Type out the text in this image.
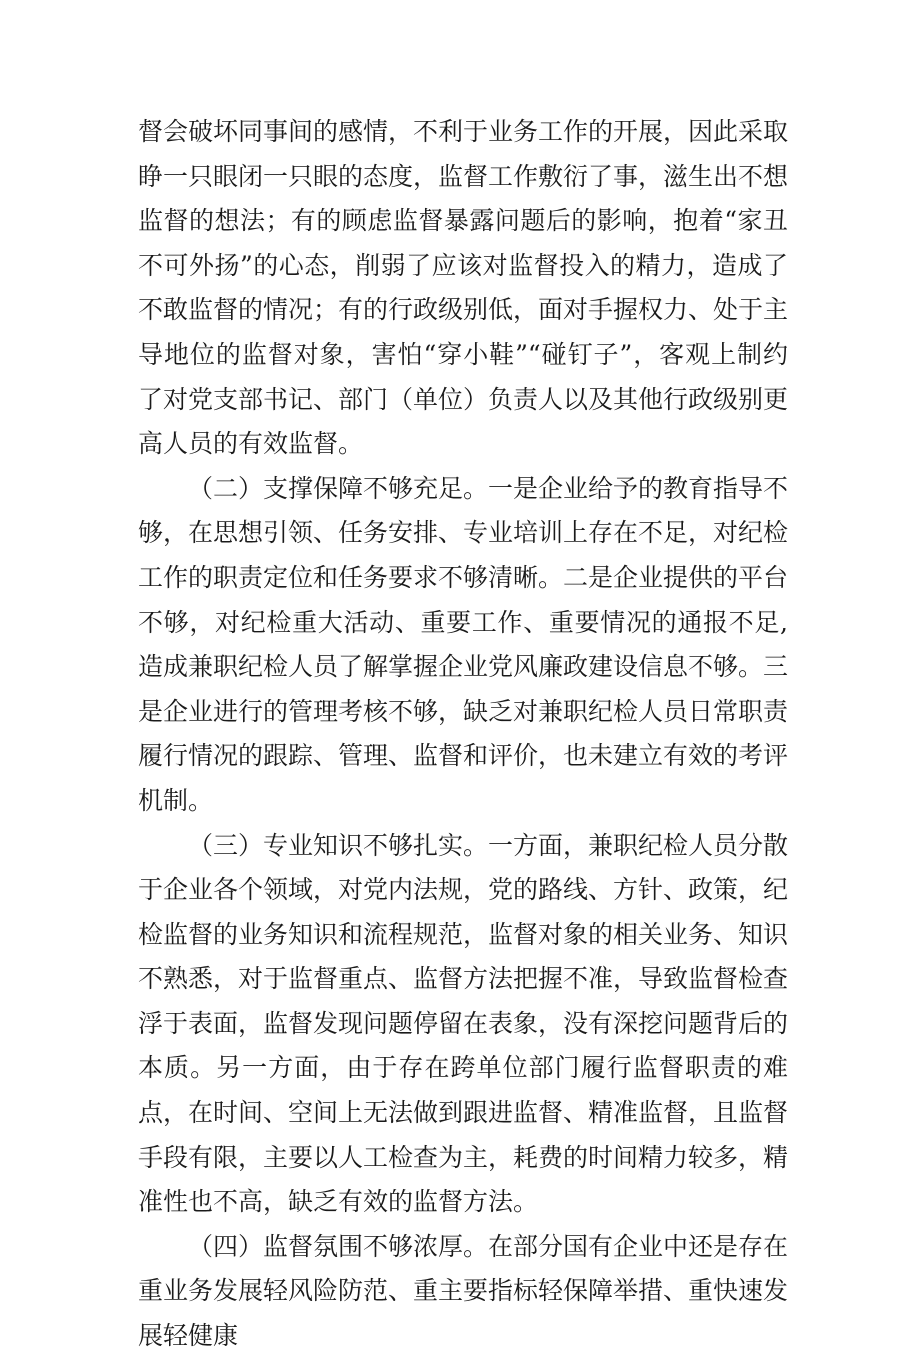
督会破坏同事间的感情，不利于业务工作的开展，因此采取睁一只眼闭一只眼的态度，监督工作敷衍了事，滋生出不想监督的想法；有的顾虑监督暴露问题后的影响，抱着“家丑不可外扬”的心态，削弱了应该对监督投入的精力，造成了不敢监督的情况；有的行政级别低，面对手握权力、处于主导地位的监督对象，害怕“穿小鞋”“碰钉子”，客观上制约了对党支部书记、部门（单位）负责人以及其他行政级别更高人员的有效监督。

（二）支撑保障不够充足。一是企业给予的教育指导不够，在思想引领、任务安排、专业培训上存在不足，对纪检工作的职责定位和任务要求不够清晰。二是企业提供的平台不够，对纪检重大活动、重要工作、重要情况的通报不足,造成兼职纪检人员了解掌握企业党风廉政建设信息不够。三是企业进行的管理考核不够，缺乏对兼职纪检人员日常职责履行情况的跟踪、管理、监督和评价，也未建立有效的考评机制。

（三）专业知识不够扎实。一方面，兼职纪检人员分散于企业各个领域，对党内法规，党的路线、方针、政策，纪检监督的业务知识和流程规范，监督对象的相关业务、知识不熟悉，对于监督重点、监督方法把握不准，导致监督检查浮于表面，监督发现问题停留在表象，没有深挖问题背后的本质。另一方面，由于存在跨单位部门履行监督职责的难点，在时间、空间上无法做到跟进监督、精准监督，且监督手段有限，主要以人工检查为主，耗费的时间精力较多，精准性也不高，缺乏有效的监督方法。

（四）监督氛围不够浓厚。在部分国有企业中还是存在重业务发展轻风险防范、重主要指标轻保障举措、重快速发展轻健康
